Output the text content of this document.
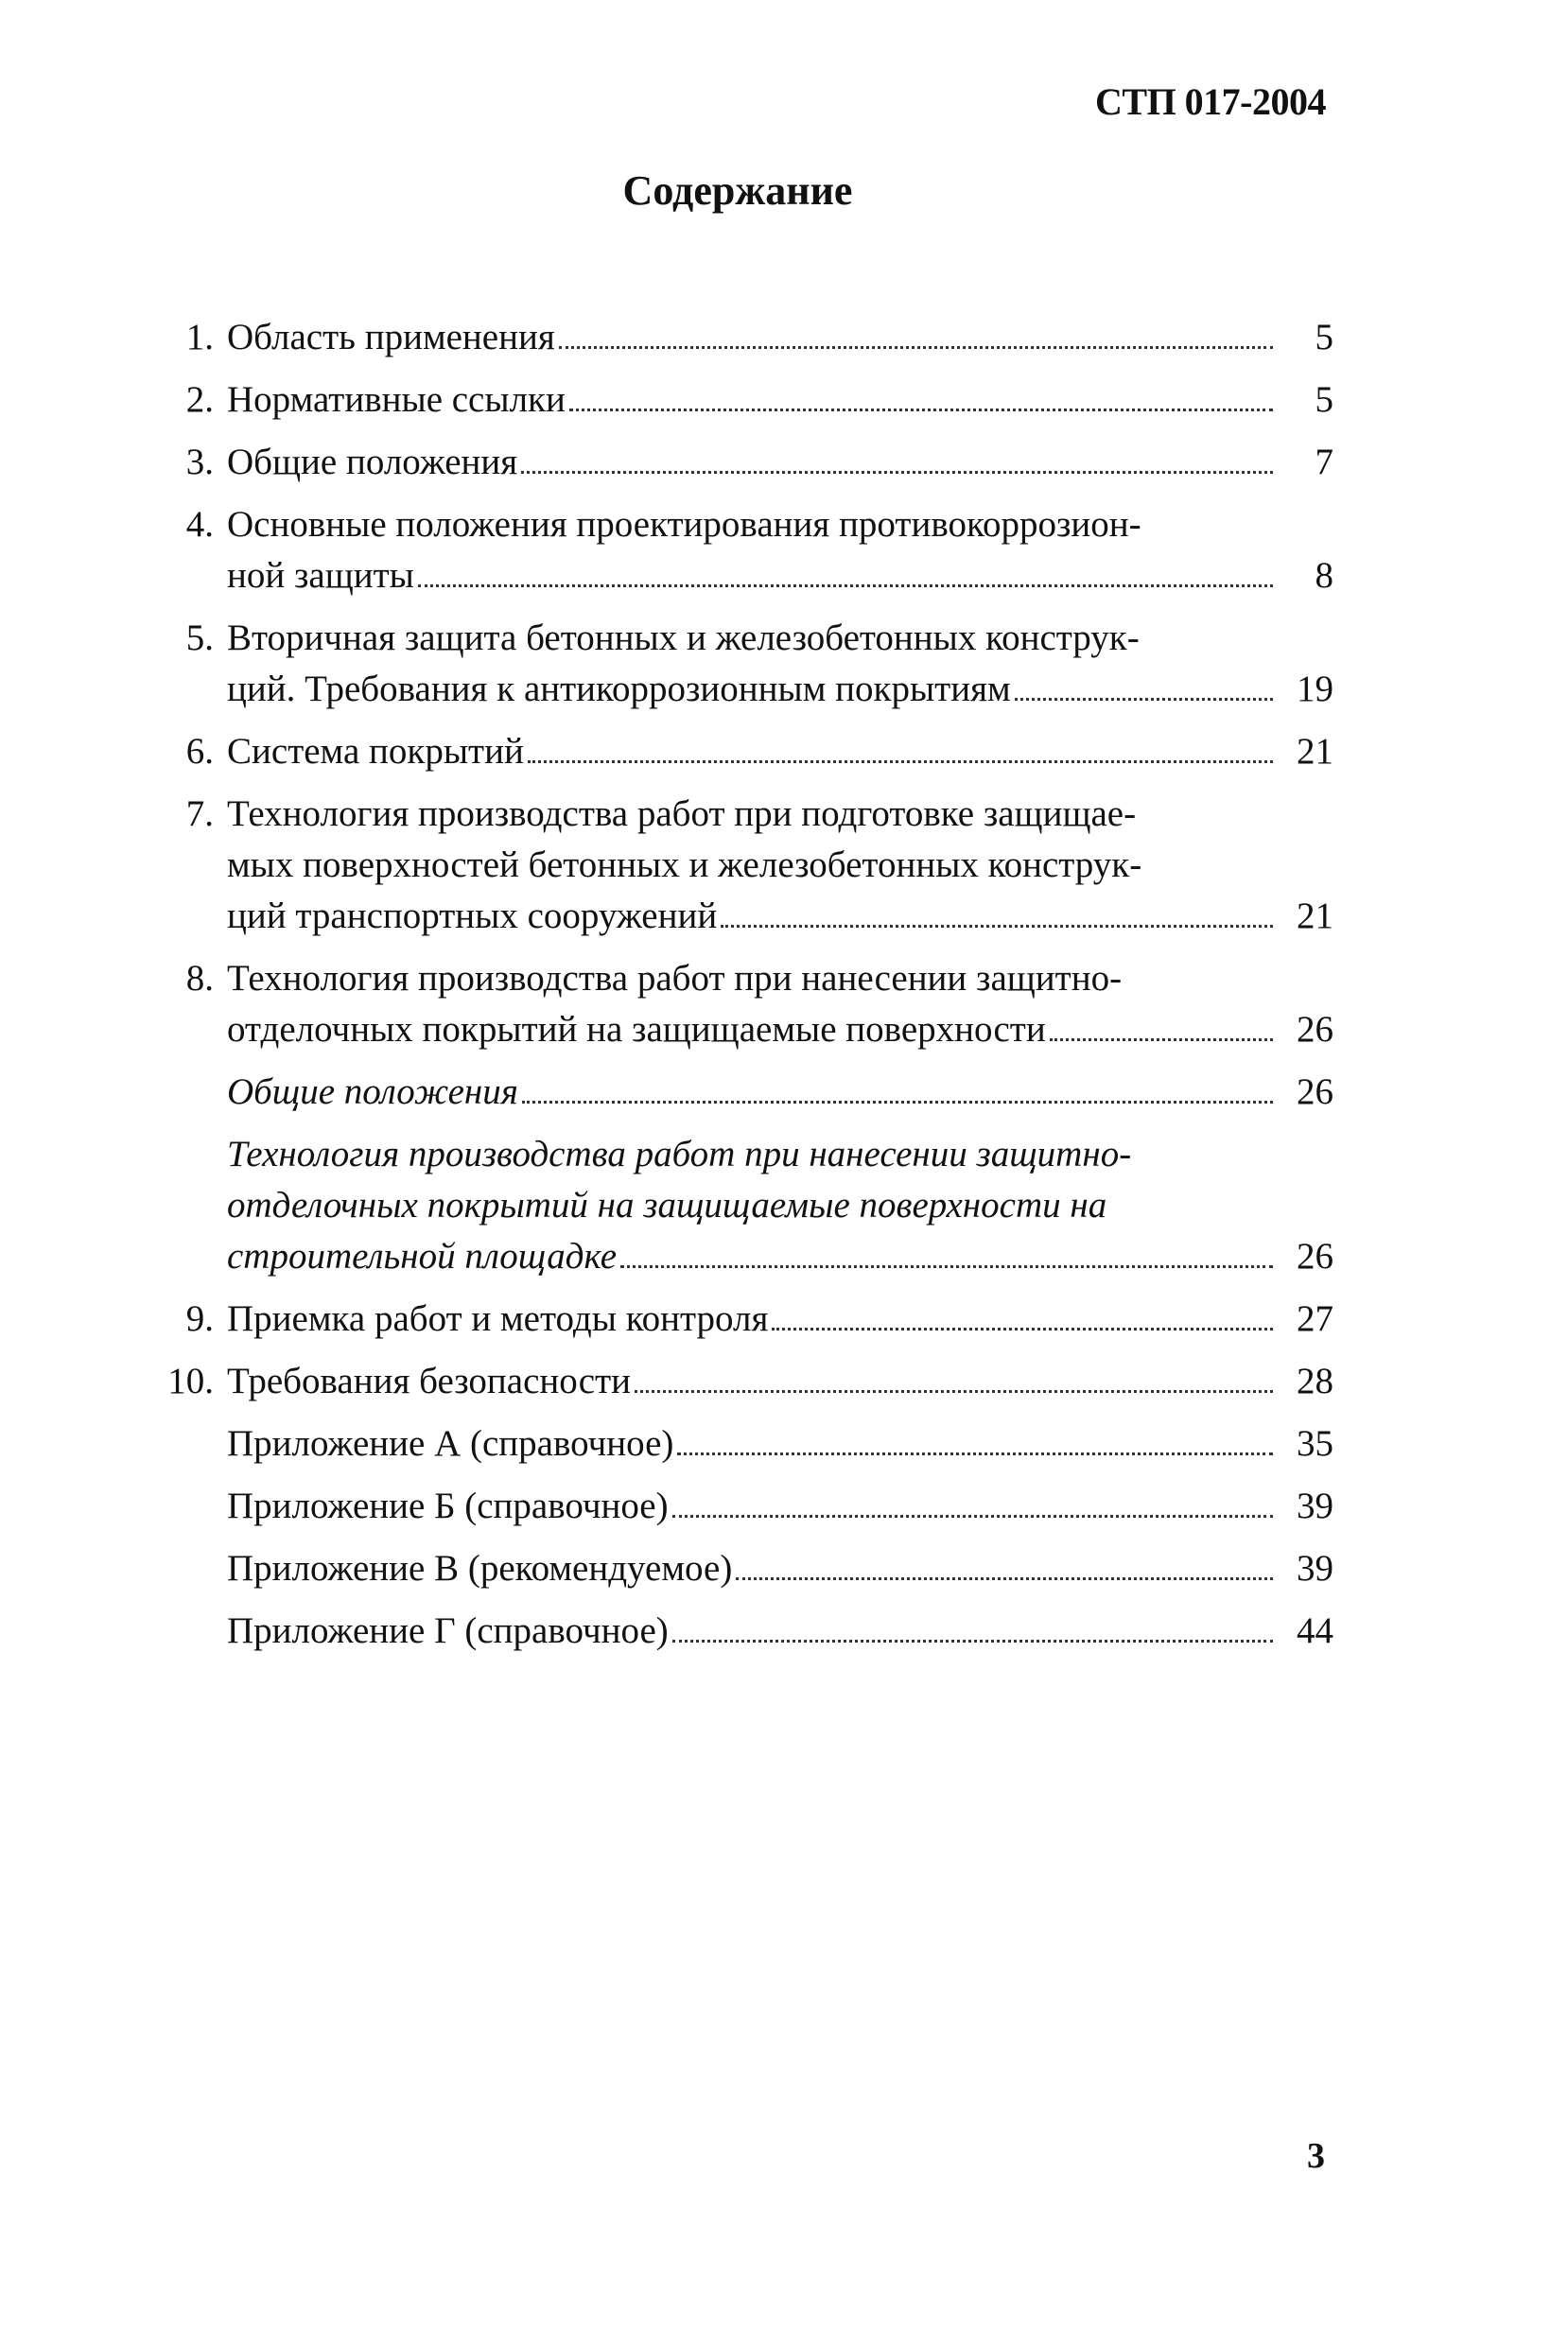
СТП 017-2004
Содержание
1. Область применения	5
2. Нормативные ссылки	5
3. Общие положения	7
4. Основные положения проектирования противокоррозион-
ной защиты	8
5. Вторичная защита бетонных и железобетонных конструк-
ций. Требования к антикоррозионным покрытиям	19
6. Система покрытий	21
7. Технология производства работ при подготовке защищае-
мых поверхностей бетонных и железобетонных конструк-
ций транспортных сооружений	21
8. Технология производства работ при нанесении защитно-
отделочных покрытий на защищаемые поверхности	26
Общие положения	26
Технология производства работ при нанесении защитно-
отделочных покрытий на защищаемые поверхности на
строительной площадке	26
9. Приемка работ и методы контроля	27
10. Требования безопасности	28
Приложение А (справочное)	35
Приложение Б (справочное)	39
Приложение В (рекомендуемое)	39
Приложение Г (справочное)	44
3
